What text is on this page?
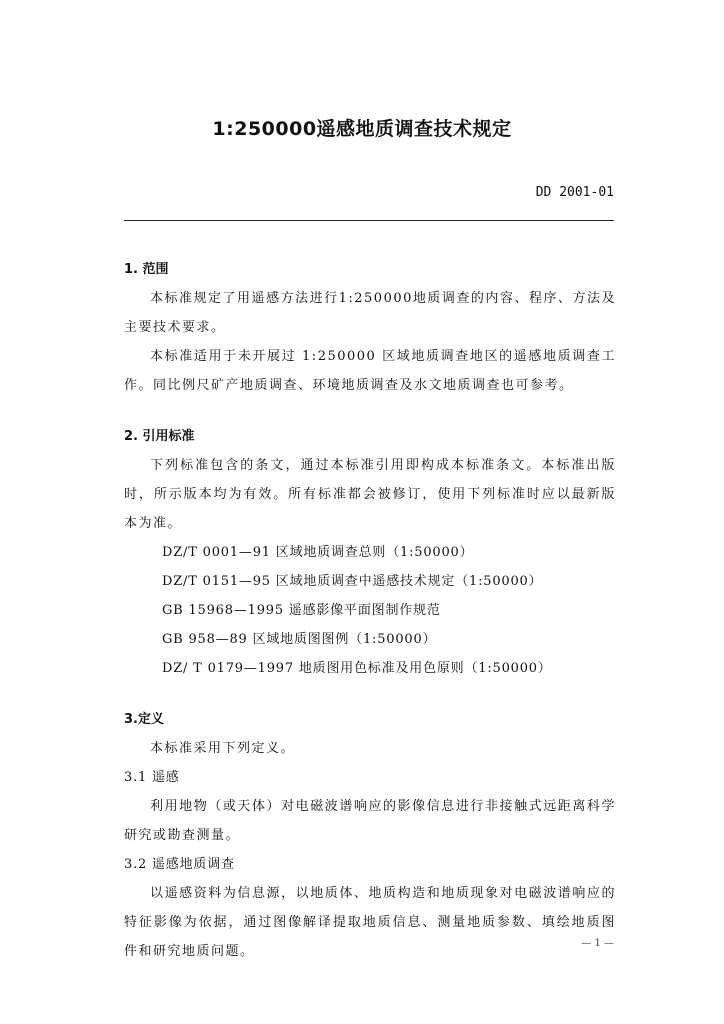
1:250000遥感地质调查技术规定
DD 2001-01
1. 范围
本标准规定了用遥感方法进行1:250000地质调查的内容、程序、方法及主要技术要求。
本标准适用于未开展过 1:250000 区域地质调查地区的遥感地质调查工作。同比例尺矿产地质调查、环境地质调查及水文地质调查也可参考。
2. 引用标准
下列标准包含的条文，通过本标准引用即构成本标准条文。本标准出版时，所示版本均为有效。所有标准都会被修订，使用下列标准时应以最新版本为准。
DZ/T 0001—91 区域地质调查总则（1:50000）
DZ/T 0151—95 区域地质调查中遥感技术规定（1:50000）
GB 15968—1995 遥感影像平面图制作规范
GB 958—89 区域地质图图例（1:50000）
DZ/ T 0179—1997 地质图用色标准及用色原则（1:50000）
3.定义
本标准采用下列定义。
3.1 遥感
利用地物（或天体）对电磁波谱响应的影像信息进行非接触式远距离科学研究或勘查测量。
3.2 遥感地质调查
以遥感资料为信息源，以地质体、地质构造和地质现象对电磁波谱响应的特征影像为依据，通过图像解译提取地质信息、测量地质参数、填绘地质图件和研究地质问题。
— 1 —
